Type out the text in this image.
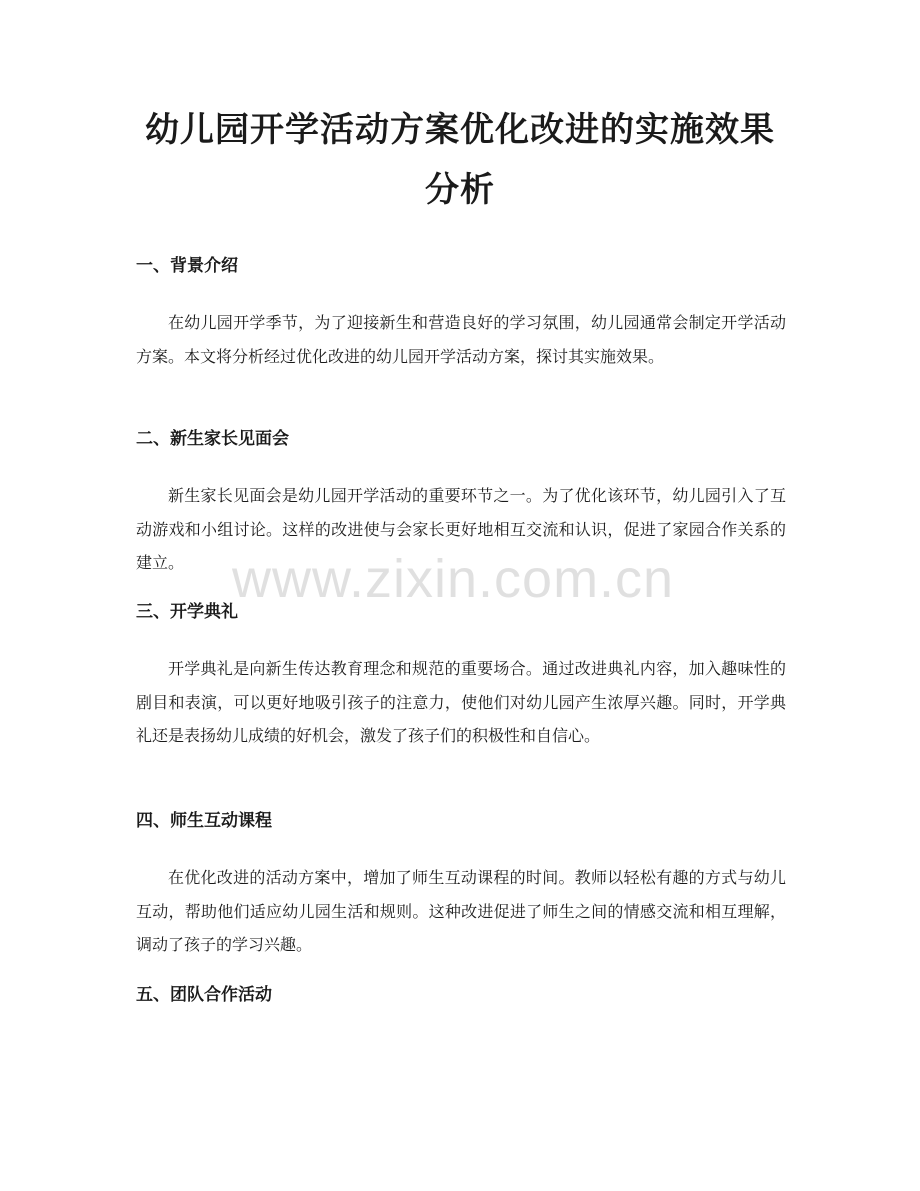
幼儿园开学活动方案优化改进的实施效果分析

一、背景介绍

在幼儿园开学季节，为了迎接新生和营造良好的学习氛围，幼儿园通常会制定开学活动方案。本文将分析经过优化改进的幼儿园开学活动方案，探讨其实施效果。

二、新生家长见面会

新生家长见面会是幼儿园开学活动的重要环节之一。为了优化该环节，幼儿园引入了互动游戏和小组讨论。这样的改进使与会家长更好地相互交流和认识，促进了家园合作关系的建立。

三、开学典礼

开学典礼是向新生传达教育理念和规范的重要场合。通过改进典礼内容，加入趣味性的剧目和表演，可以更好地吸引孩子的注意力，使他们对幼儿园产生浓厚兴趣。同时，开学典礼还是表扬幼儿成绩的好机会，激发了孩子们的积极性和自信心。

四、师生互动课程

在优化改进的活动方案中，增加了师生互动课程的时间。教师以轻松有趣的方式与幼儿互动，帮助他们适应幼儿园生活和规则。这种改进促进了师生之间的情感交流和相互理解，调动了孩子的学习兴趣。

五、团队合作活动

www.zixin.com.cn
